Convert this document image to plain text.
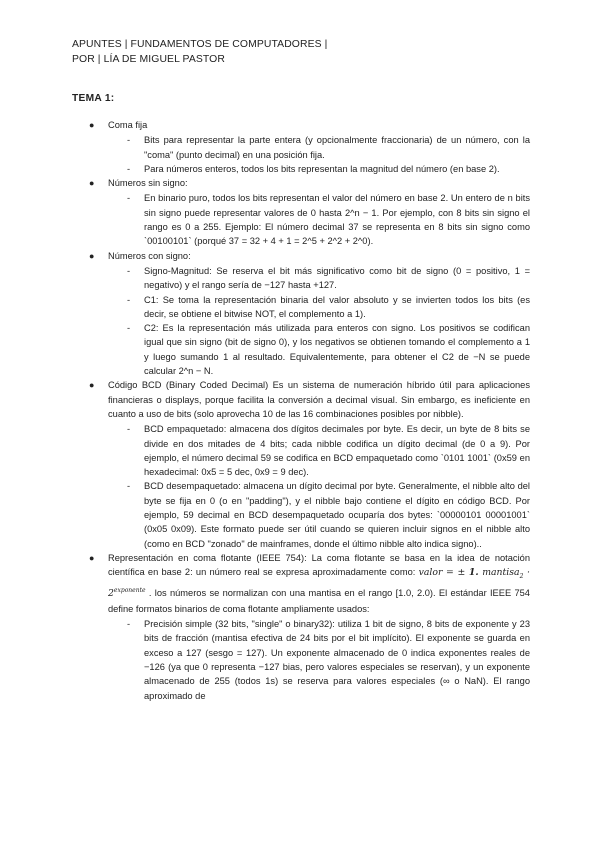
APUNTES | FUNDAMENTOS DE COMPUTADORES |
POR | LÍA DE MIGUEL PASTOR
TEMA 1:
● Coma fija
- Bits para representar la parte entera (y opcionalmente fraccionaria) de un número, con la "coma" (punto decimal) en una posición fija.
- Para números enteros, todos los bits representan la magnitud del número (en base 2).
● Números sin signo:
- En binario puro, todos los bits representan el valor del número en base 2. Un entero de n bits sin signo puede representar valores de 0 hasta 2^n − 1. Por ejemplo, con 8 bits sin signo el rango es 0 a 255. Ejemplo: El número decimal 37 se representa en 8 bits sin signo como `00100101` (porqué 37 = 32 + 4 + 1 = 2^5 + 2^2 + 2^0).
● Números con signo:
- Signo-Magnitud: Se reserva el bit más significativo como bit de signo (0 = positivo, 1 = negativo) y el rango sería de −127 hasta +127.
- C1: Se toma la representación binaria del valor absoluto y se invierten todos los bits (es decir, se obtiene el bitwise NOT, el complemento a 1).
- C2: Es la representación más utilizada para enteros con signo. Los positivos se codifican igual que sin signo (bit de signo 0), y los negativos se obtienen tomando el complemento a 1 y luego sumando 1 al resultado. Equivalentemente, para obtener el C2 de −N se puede calcular 2^n − N.
● Código BCD (Binary Coded Decimal) Es un sistema de numeración híbrido útil para aplicaciones financieras o displays, porque facilita la conversión a decimal visual. Sin embargo, es ineficiente en cuanto a uso de bits (solo aprovecha 10 de las 16 combinaciones posibles por nibble).
- BCD empaquetado: almacena dos dígitos decimales por byte. Es decir, un byte de 8 bits se divide en dos mitades de 4 bits; cada nibble codifica un dígito decimal (de 0 a 9). Por ejemplo, el número decimal 59 se codifica en BCD empaquetado como `0101 1001` (0x59 en hexadecimal: 0x5 = 5 dec, 0x9 = 9 dec).
- BCD desempaquetado: almacena un dígito decimal por byte. Generalmente, el nibble alto del byte se fija en 0 (o en "padding"), y el nibble bajo contiene el dígito en código BCD. Por ejemplo, 59 decimal en BCD desempaquetado ocuparía dos bytes: `00000101 00001001` (0x05 0x09). Este formato puede ser útil cuando se quieren incluir signos en el nibble alto (como en BCD "zonado" de mainframes, donde el último nibble alto indica signo)..
● Representación en coma flotante (IEEE 754): La coma flotante se basa en la idea de notación científica en base 2: un número real se expresa aproximadamente como: valor = ± 1. mantisa$_2$ · $2^{exponente}$ . los números se normalizan con una mantisa en el rango [1.0, 2.0). El estándar IEEE 754 define formatos binarios de coma flotante ampliamente usados:
- Precisión simple (32 bits, "single" o binary32): utiliza 1 bit de signo, 8 bits de exponente y 23 bits de fracción (mantisa efectiva de 24 bits por el bit implícito). El exponente se guarda en exceso a 127 (sesgo = 127). Un exponente almacenado de 0 indica exponentes reales de −126 (ya que 0 representa −127 bias, pero valores especiales se reservan), y un exponente almacenado de 255 (todos 1s) se reserva para valores especiales (∞ o NaN). El rango aproximado de
